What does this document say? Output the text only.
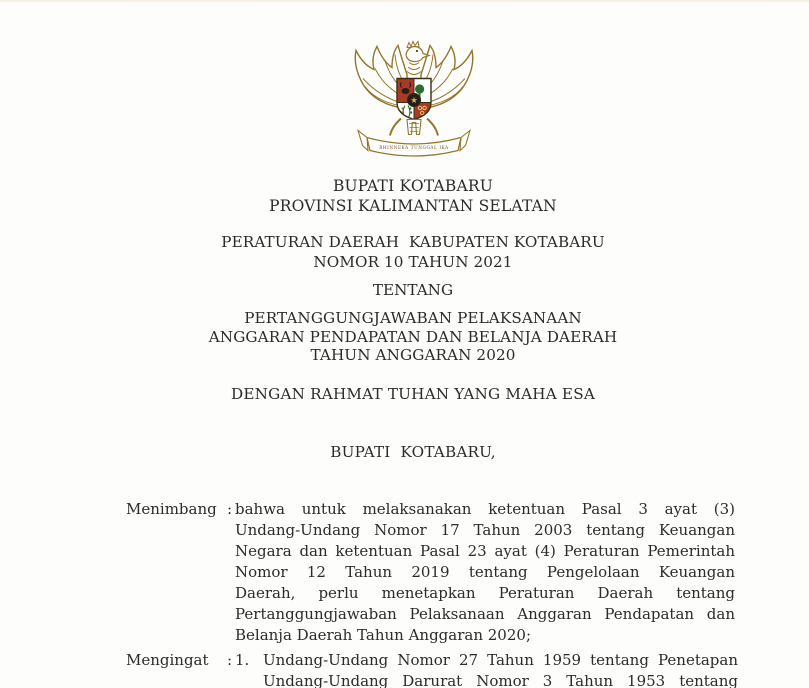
★
BHINNEKA TUNGGAL IKA
BUPATI KOTABARU
PROVINSI KALIMANTAN SELATAN
PERATURAN DAERAH  KABUPATEN KOTABARU
NOMOR 10 TAHUN 2021
TENTANG
PERTANGGUNGJAWABAN PELAKSANAAN
ANGGARAN PENDAPATAN DAN BELANJA DAERAH
TAHUN ANGGARAN 2020
DENGAN RAHMAT TUHAN YANG MAHA ESA
BUPATI  KOTABARU,
Menimbang : bahwa untuk melaksanakan ketentuan Pasal 3 ayat (3)
Undang-Undang Nomor 17 Tahun 2003 tentang Keuangan
Negara dan ketentuan Pasal 23 ayat (4) Peraturan Pemerintah
Nomor 12 Tahun 2019 tentang Pengelolaan Keuangan
Daerah, perlu menetapkan Peraturan Daerah tentang
Pertanggungjawaban Pelaksanaan Anggaran Pendapatan dan
Belanja Daerah Tahun Anggaran 2020;
Mengingat : 1. Undang-Undang Nomor 27 Tahun 1959 tentang Penetapan
Undang-Undang Darurat Nomor 3 Tahun 1953 tentang
